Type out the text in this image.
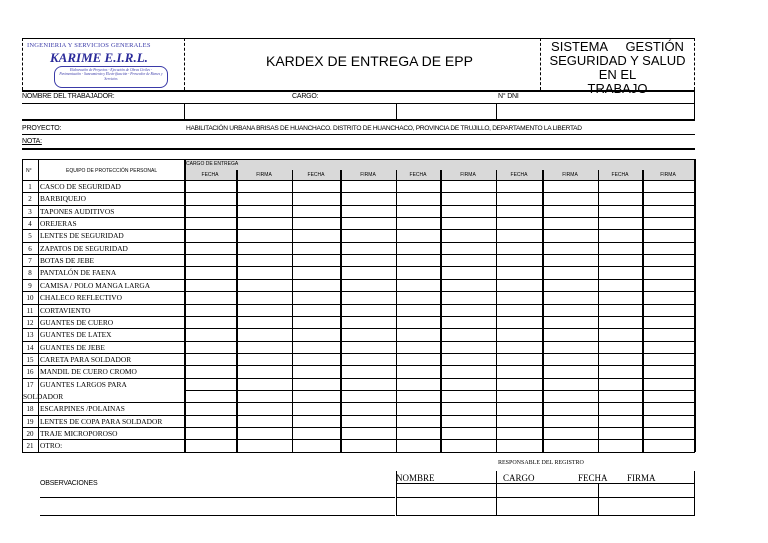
INGENIERIA Y SERVICIOS GENERALES
KARIME E.I.R.L.
Elaboración de Proyectos - Ejecución de Obras Civiles - Pavimentación - Saneamiento y Electrificación - Proveedor de Bienes y Servicios
KARDEX DE ENTREGA DE EPP
SISTEMA     GESTIÓN
SEGURIDAD Y SALUD EN EL
TRABAJO
NOMBRE DEL TRABAJADOR:	CARGO:	N° DNI
PROYECTO:	HABILITACIÓN URBANA BRISAS DE HUANCHACO. DISTRITO DE HUANCHACO, PROVINCIA DE TRUJILLO, DEPARTAMENTO LA LIBERTAD
NOTA:
N°	EQUIPO DE PROTECCIÓN PERSONAL
CARGO DE ENTREGA
FECHA	FIRMA	FECHA	FIRMA	FECHA	FIRMA	FECHA	FIRMA	FECHA	FIRMA
1	CASCO DE SEGURIDAD
2	BARBIQUEJO
3	TAPONES AUDITIVOS
4	OREJERAS
5	LENTES DE SEGURIDAD
6	ZAPATOS DE SEGURIDAD
7	BOTAS DE JEBE
8	PANTALÓN DE FAENA
9	CAMISA / POLO MANGA LARGA
10 CHALECO REFLECTIVO
11 CORTAVIENTO
12 GUANTES DE CUERO
13 GUANTES DE LATEX
14 GUANTES DE JEBE
15 CARETA PARA SOLDADOR
16 MANDIL DE CUERO CROMO
17 GUANTES LARGOS PARA
SOLDADOR
18 ESCARPINES /POLAINAS
19 LENTES DE COPA PARA SOLDADOR
20 TRAJE MICROPOROSO
21 OTRO:
OBSERVACIONES
RESPONSABLE DEL REGISTRO
NOMBRE	CARGO	FECHA FIRMA
